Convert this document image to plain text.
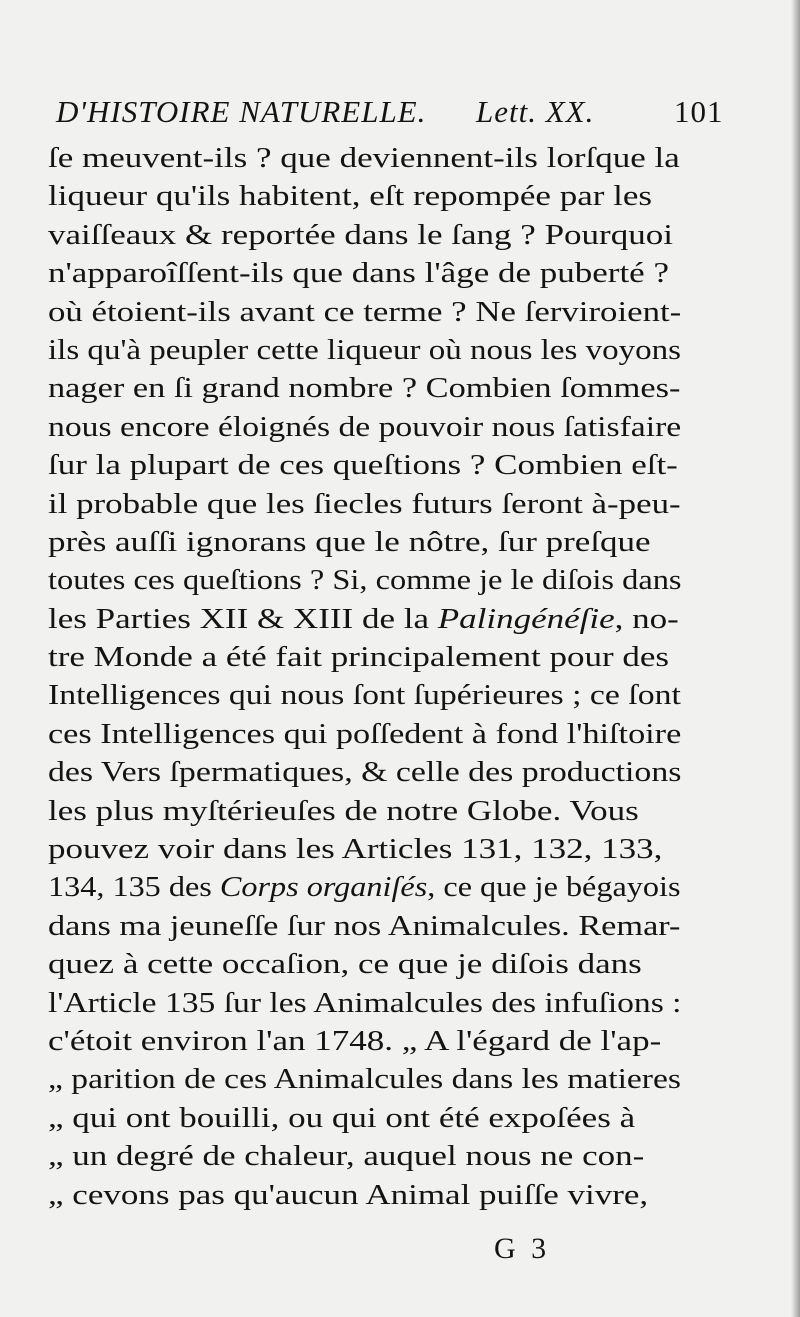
D'HISTOIRE NATURELLE. Lett. XX.	101
ſe meuvent-ils ? que deviennent-ils lorſque la
liqueur qu'ils habitent, eſt repompée par les
vaiſſeaux & reportée dans le ſang ? Pourquoi
n'apparoîſſent-ils que dans l'âge de puberté ?
où étoient-ils avant ce terme ? Ne ſerviroient-
ils qu'à peupler cette liqueur où nous les voyons
nager en ſi grand nombre ? Combien ſommes-
nous encore éloignés de pouvoir nous ſatisfaire
ſur la plupart de ces queſtions ? Combien eſt-
il probable que les ſiecles futurs ſeront à-peu-
près auſſi ignorans que le nôtre, ſur preſque
toutes ces queſtions ? Si, comme je le diſois dans
les Parties XII & XIII de la Palingénéſie, no-
tre Monde a été fait principalement pour des
Intelligences qui nous ſont ſupérieures ; ce ſont
ces Intelligences qui poſſedent à fond l'hiſtoire
des Vers ſpermatiques, & celle des productions
les plus myſtérieuſes de notre Globe. Vous
pouvez voir dans les Articles 131, 132, 133,
134, 135 des Corps organiſés, ce que je bégayois
dans ma jeuneſſe ſur nos Animalcules. Remar-
quez à cette occaſion, ce que je diſois dans
l'Article 135 ſur les Animalcules des infuſions :
c'étoit environ l'an 1748. „ A l'égard de l'ap-
„ parition de ces Animalcules dans les matieres
„ qui ont bouilli, ou qui ont été expoſées à
„ un degré de chaleur, auquel nous ne con-
„ cevons pas qu'aucun Animal puiſſe vivre,
G 3
